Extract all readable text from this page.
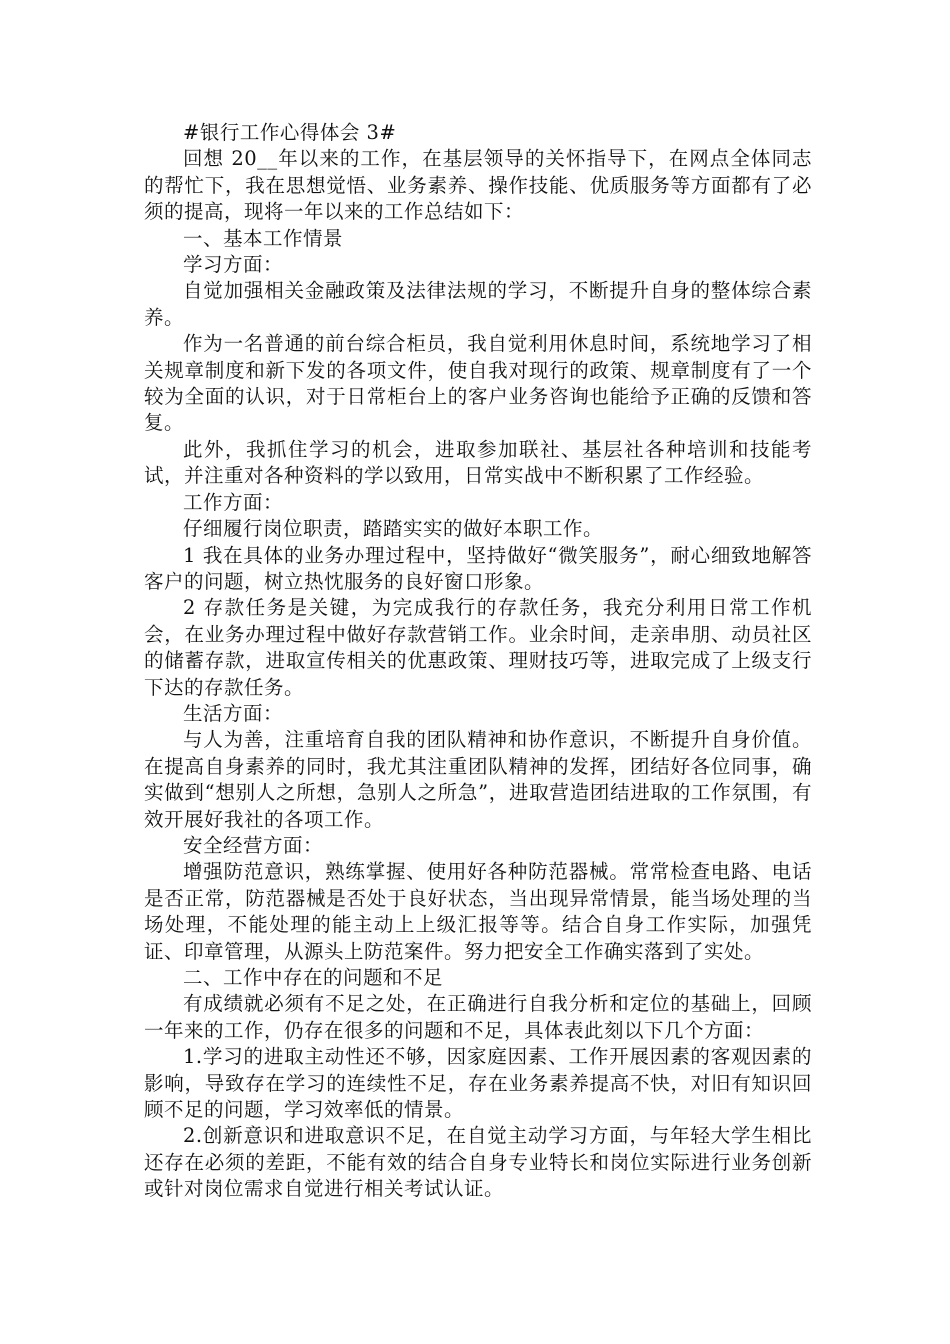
#银行工作心得体会 3#

回想 20__年以来的工作，在基层领导的关怀指导下，在网点全体同志的帮忙下，我在思想觉悟、业务素养、操作技能、优质服务等方面都有了必须的提高，现将一年以来的工作总结如下：

一、基本工作情景

学习方面：

自觉加强相关金融政策及法律法规的学习，不断提升自身的整体综合素养。

作为一名普通的前台综合柜员，我自觉利用休息时间，系统地学习了相关规章制度和新下发的各项文件，使自我对现行的政策、规章制度有了一个较为全面的认识，对于日常柜台上的客户业务咨询也能给予正确的反馈和答复。

此外，我抓住学习的机会，进取参加联社、基层社各种培训和技能考试，并注重对各种资料的学以致用，日常实战中不断积累了工作经验。

工作方面：

仔细履行岗位职责，踏踏实实的做好本职工作。

1 我在具体的业务办理过程中，坚持做好“微笑服务”，耐心细致地解答客户的问题，树立热忱服务的良好窗口形象。

2 存款任务是关键，为完成我行的存款任务，我充分利用日常工作机会，在业务办理过程中做好存款营销工作。业余时间，走亲串朋、动员社区的储蓄存款，进取宣传相关的优惠政策、理财技巧等，进取完成了上级支行下达的存款任务。

生活方面：

与人为善，注重培育自我的团队精神和协作意识，不断提升自身价值。在提高自身素养的同时，我尤其注重团队精神的发挥，团结好各位同事，确实做到“想别人之所想，急别人之所急”，进取营造团结进取的工作氛围，有效开展好我社的各项工作。

安全经营方面：

增强防范意识，熟练掌握、使用好各种防范器械。常常检查电路、电话是否正常，防范器械是否处于良好状态，当出现异常情景，能当场处理的当场处理，不能处理的能主动上上级汇报等等。结合自身工作实际，加强凭证、印章管理，从源头上防范案件。努力把安全工作确实落到了实处。

二、工作中存在的问题和不足

有成绩就必须有不足之处，在正确进行自我分析和定位的基础上，回顾一年来的工作，仍存在很多的问题和不足，具体表此刻以下几个方面：

1.学习的进取主动性还不够，因家庭因素、工作开展因素的客观因素的影响，导致存在学习的连续性不足，存在业务素养提高不快，对旧有知识回顾不足的问题，学习效率低的情景。

2.创新意识和进取意识不足，在自觉主动学习方面，与年轻大学生相比还存在必须的差距，不能有效的结合自身专业特长和岗位实际进行业务创新或针对岗位需求自觉进行相关考试认证。
